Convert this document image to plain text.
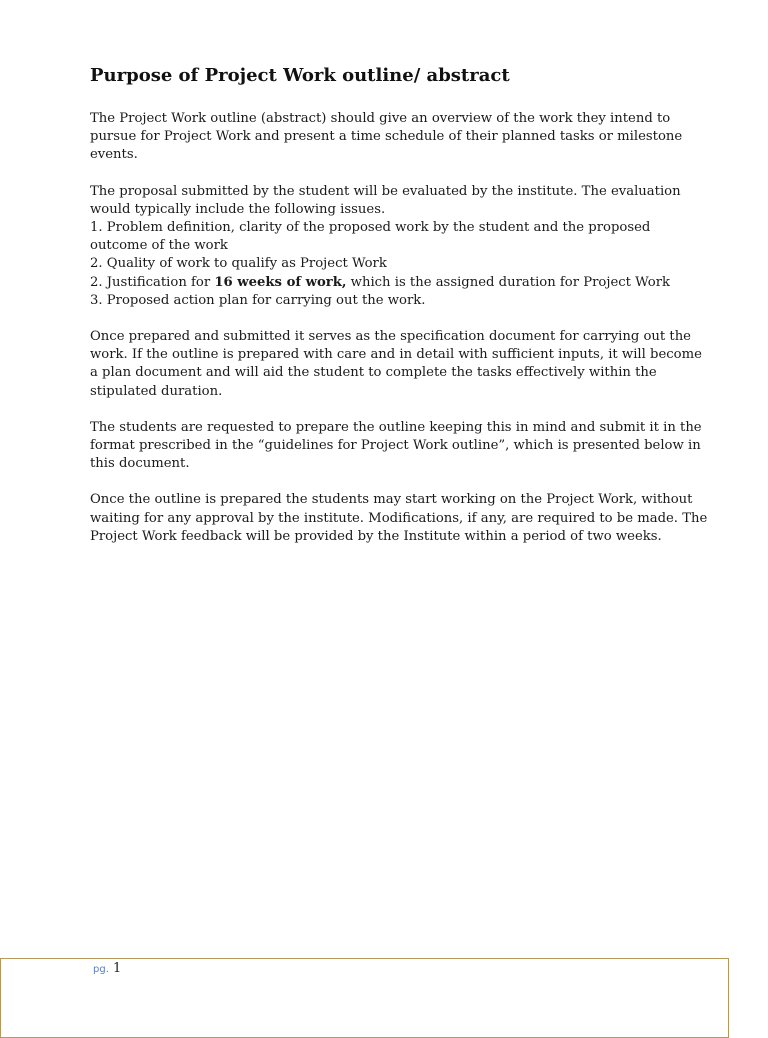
Purpose of Project Work outline/ abstract
The Project Work outline (abstract) should give an overview of the work they intend to
pursue for Project Work and present a time schedule of their planned tasks or milestone
events.
The proposal submitted by the student will be evaluated by the institute. The evaluation
would typically include the following issues.
1. Problem definition, clarity of the proposed work by the student and the proposed
outcome of the work
2. Quality of work to qualify as Project Work
2. Justification for 16 weeks of work, which is the assigned duration for Project Work
3. Proposed action plan for carrying out the work.
Once prepared and submitted it serves as the specification document for carrying out the
work. If the outline is prepared with care and in detail with sufficient inputs, it will become
a plan document and will aid the student to complete the tasks effectively within the
stipulated duration.
The students are requested to prepare the outline keeping this in mind and submit it in the
format prescribed in the “guidelines for Project Work outline”, which is presented below in
this document.
Once the outline is prepared the students may start working on the Project Work, without
waiting for any approval by the institute. Modifications, if any, are required to be made. The
Project Work feedback will be provided by the Institute within a period of two weeks.
pg. 1
